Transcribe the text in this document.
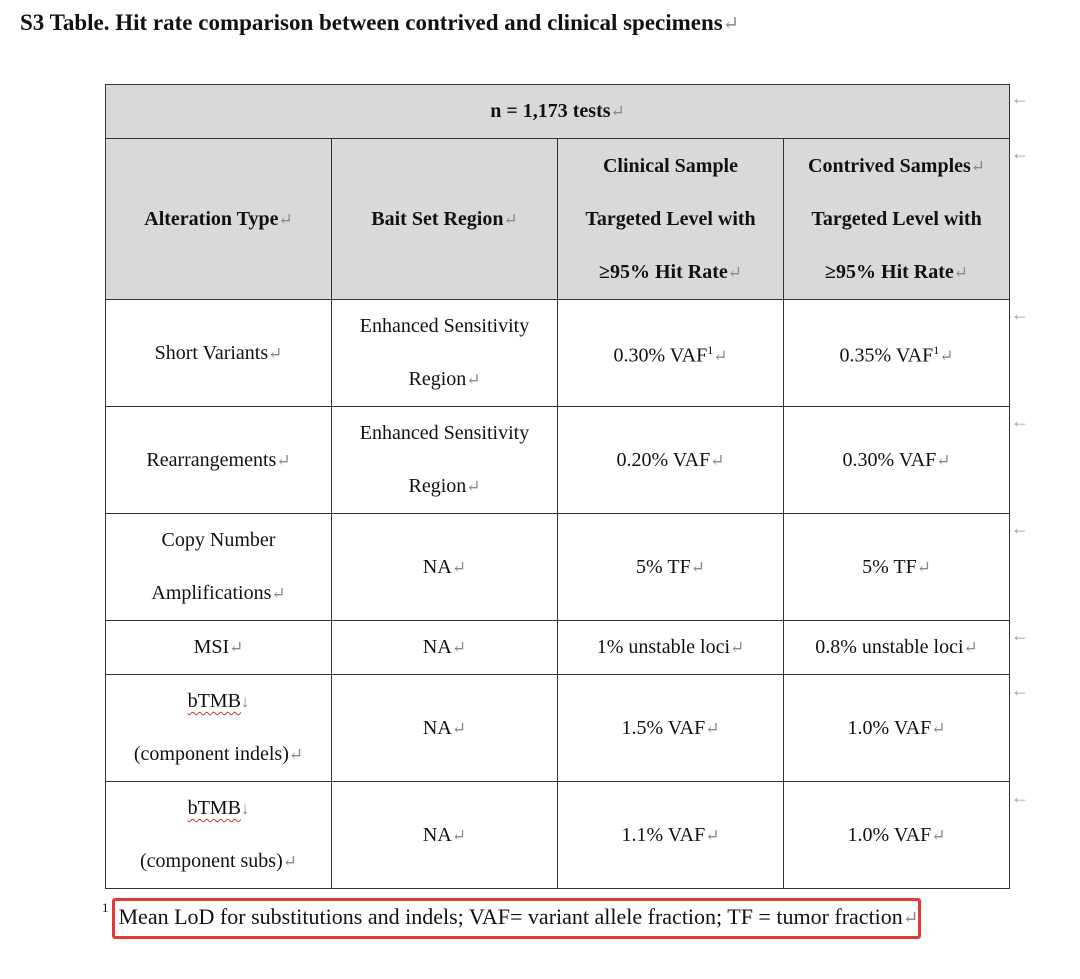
S3 Table. Hit rate comparison between contrived and clinical specimens↵
n = 1,173 tests↵			
Alteration Type↵	Bait Set Region↵	Clinical Sample
Targeted Level with
≥95% Hit Rate↵	Contrived Samples↵
Targeted Level with
≥95% Hit Rate↵

Short Variants↵	Enhanced Sensitivity
Region↵	0.30% VAF$^1$↵	0.35% VAF$^1$↵
Rearrangements↵	Enhanced Sensitivity
Region↵	0.20% VAF↵	0.30% VAF↵

Copy Number
Amplifications↵	NA↵	5% TF↵	5% TF↵
MSI↵	NA↵	1% unstable loci↵	0.8% unstable loci↵

bTMB↓
(component indels)↵	NA↵	1.5% VAF↵	1.0% VAF↵

bTMB↓
(component subs)↵	NA↵	1.1% VAF↵	1.0% VAF↵
←
←
←
←
←
←
←
←
$^1$ Mean LoD for substitutions and indels; VAF= variant allele fraction; TF = tumor fraction↵
